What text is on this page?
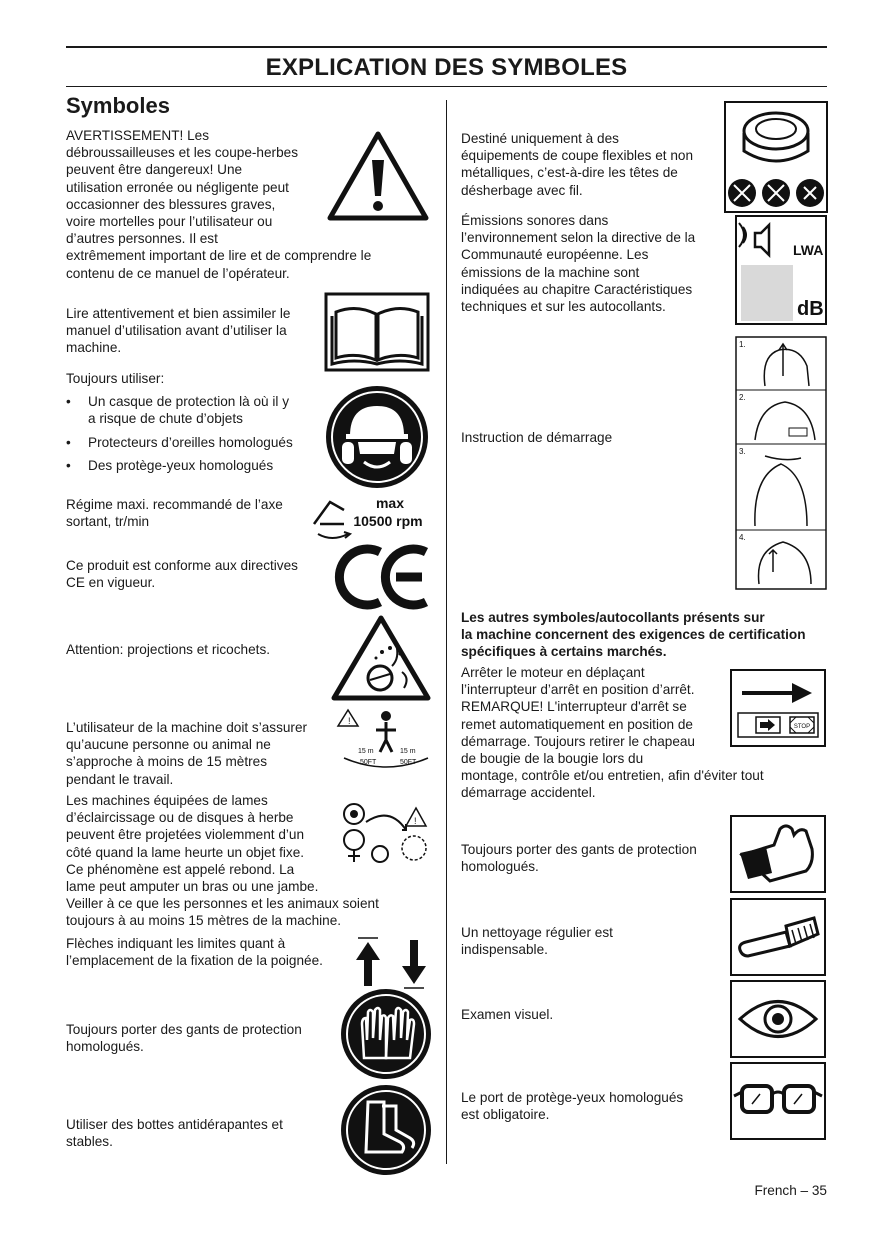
EXPLICATION DES SYMBOLES
Symboles
AVERTISSEMENT! Les
débroussailleuses et les coupe-herbes
peuvent être dangereux! Une
utilisation erronée ou négligente peut
occasionner des blessures graves,
voire mortelles pour l’utilisateur ou
d’autres personnes. Il est
extrêmement important de lire et de comprendre le
contenu de ce manuel de l’opérateur.
Lire attentivement et bien assimiler le
manuel d’utilisation avant d’utiliser la
machine.
Toujours utiliser:
• Un casque de protection là où il y
a risque de chute d’objets
• Protecteurs d’oreilles homologués
• Des protège-yeux homologués
Régime maxi. recommandé de l’axe
sortant, tr/min
max
10500 rpm
Ce produit est conforme aux directives
CE en vigueur.
Attention: projections et ricochets.
L’utilisateur de la machine doit s’assurer
qu’aucune personne ou animal ne
s’approche à moins de 15 mètres
pendant le travail.
!
15 m
50FT
15 m
50FT
Les machines équipées de lames
d’éclaircissage ou de disques à herbe
peuvent être projetées violemment d’un
côté quand la lame heurte un objet fixe.
Ce phénomène est appelé rebond. La
lame peut amputer un bras ou une jambe.
Veiller à ce que les personnes et les animaux soient
toujours à au moins 15 mètres de la machine.
!
Flèches indiquant les limites quant à
l’emplacement de la fixation de la poignée.
Toujours porter des gants de protection
homologués.
Utiliser des bottes antidérapantes et
stables.
Destiné uniquement à des
équipements de coupe flexibles et non
métalliques, c’est-à-dire les têtes de
désherbage avec fil.
Émissions sonores dans
l’environnement selon la directive de la
Communauté européenne. Les
émissions de la machine sont
indiquées au chapitre Caractéristiques
techniques et sur les autocollants.
LWA
dB
Instruction de démarrage
1.
2.
3.
4.
Les autres symboles/autocollants présents sur
la machine concernent des exigences de certification
spécifiques à certains marchés.
Arrêter le moteur en déplaçant
l’interrupteur d’arrêt en position d’arrêt.
REMARQUE! L'interrupteur d'arrêt se
remet automatiquement en position de
démarrage. Toujours retirer le chapeau
de bougie de la bougie lors du
montage, contrôle et/ou entretien, afin d'éviter tout
démarrage accidentel.
STOP
Toujours porter des gants de protection
homologués.
Un nettoyage régulier est
indispensable.
Examen visuel.
Le port de protège-yeux homologués
est obligatoire.
French – 35
